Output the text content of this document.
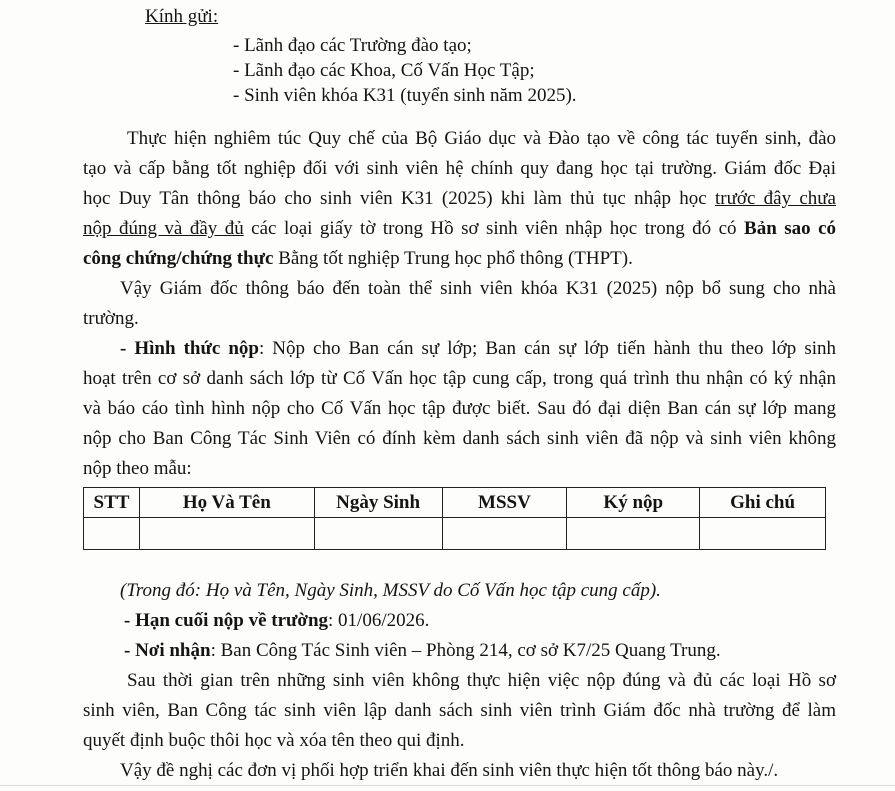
Kính gửi:
- Lãnh đạo các Trường đào tạo;
- Lãnh đạo các Khoa, Cố Vấn Học Tập;
- Sinh viên khóa K31 (tuyển sinh năm 2025).
Thực hiện nghiêm túc Quy chế của Bộ Giáo dục và Đào tạo về công tác tuyển sinh, đào
tạo và cấp bằng tốt nghiệp đối với sinh viên hệ chính quy đang học tại trường. Giám đốc Đại
học Duy Tân thông báo cho sinh viên K31 (2025) khi làm thủ tục nhập học trước đây chưa
nộp đúng và đầy đủ các loại giấy tờ trong Hồ sơ sinh viên nhập học trong đó có Bản sao có
công chứng/chứng thực Bằng tốt nghiệp Trung học phổ thông (THPT).
Vậy Giám đốc thông báo đến toàn thể sinh viên khóa K31 (2025) nộp bổ sung cho nhà
trường.
- Hình thức nộp: Nộp cho Ban cán sự lớp; Ban cán sự lớp tiến hành thu theo lớp sinh
hoạt trên cơ sở danh sách lớp từ Cố Vấn học tập cung cấp, trong quá trình thu nhận có ký nhận
và báo cáo tình hình nộp cho Cố Vấn học tập được biết. Sau đó đại diện Ban cán sự lớp mang
nộp cho Ban Công Tác Sinh Viên có đính kèm danh sách sinh viên đã nộp và sinh viên không
nộp theo mẫu:
STT	Họ Và Tên	Ngày Sinh	MSSV	Ký nộp	Ghi chú

(Trong đó: Họ và Tên, Ngày Sinh, MSSV do Cố Vấn học tập cung cấp).
- Hạn cuối nộp về trường: 01/06/2026.
- Nơi nhận: Ban Công Tác Sinh viên – Phòng 214, cơ sở K7/25 Quang Trung.
Sau thời gian trên những sinh viên không thực hiện việc nộp đúng và đủ các loại Hồ sơ
sinh viên, Ban Công tác sinh viên lập danh sách sinh viên trình Giám đốc nhà trường để làm
quyết định buộc thôi học và xóa tên theo qui định.
Vậy đề nghị các đơn vị phối hợp triển khai đến sinh viên thực hiện tốt thông báo này./.
